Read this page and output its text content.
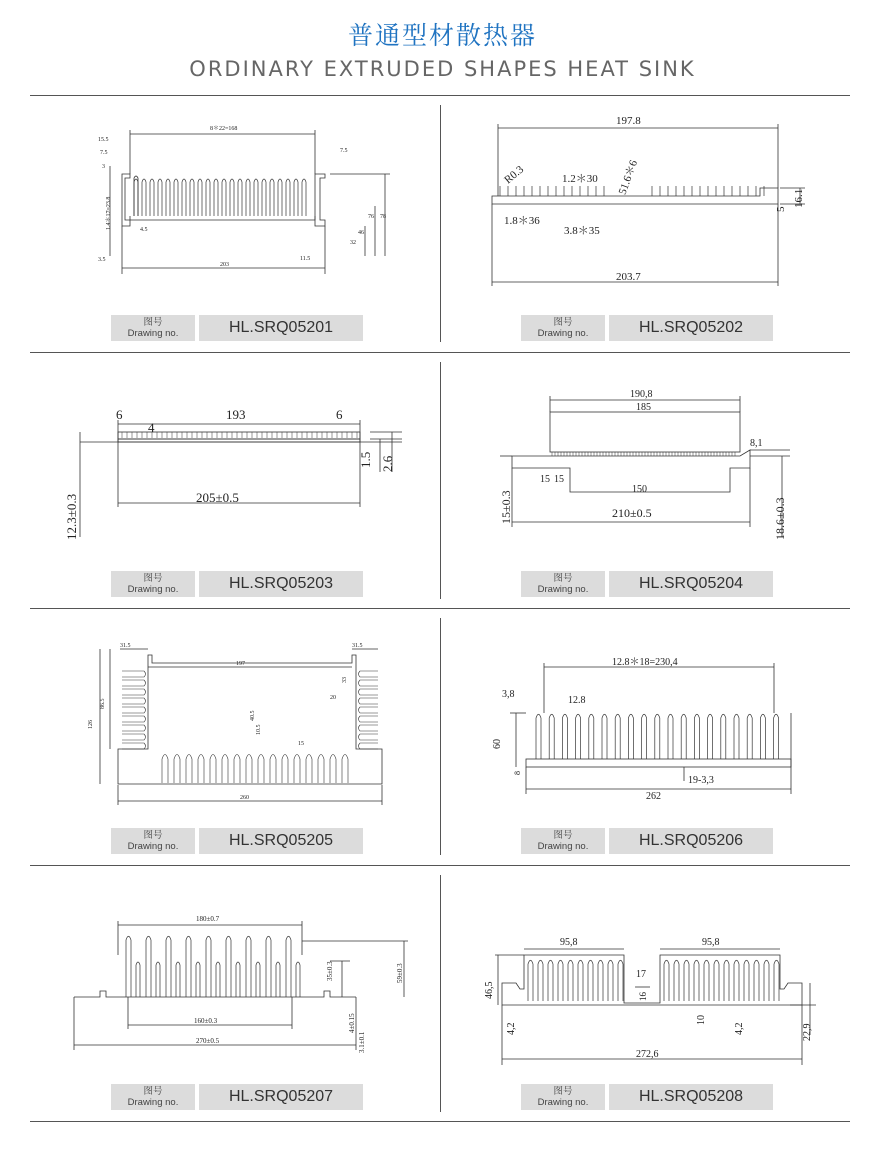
普通型材散热器
ORDINARY EXTRUDED SHAPES HEAT SINK
8＊22=168
15.5
7.5
3
7.5
4.5
3.5
203
11.5
32
46
76 78
1.4＊17=23.8
图号
Drawing no.	HL.SRQ05201
197.8
R0.3	1.2＊30 51.6＊6
1.8＊36
3.8＊35
5
16.1
203.7
图号
Drawing no.	HL.SRQ05202
6	193	6
4
1.5 2.6
205±0.5
12.3±0.3
图号
Drawing no.	HL.SRQ05203
190,8
185
8,1
15 15
150
210±0.5
15±0.3	18.6±0.3
图号
Drawing no.	HL.SRQ05204
31.5	31.5
197
86.5
126
40.5
10.5
20
33
15
260
图号
Drawing no.	HL.SRQ05205
12.8＊18=230,4
3,8
12.8
60
8
19-3,3
262
图号
Drawing no.	HL.SRQ05206
180±0.7
35±0.3	59±0.3
160±0.3	4±0.15
3.1±0.1
270±0.5
图号
Drawing no.	HL.SRQ05207
95,8	95,8
17
46,5	16
4,2
10
4,2	22,9
272,6
图号
Drawing no.	HL.SRQ05208
